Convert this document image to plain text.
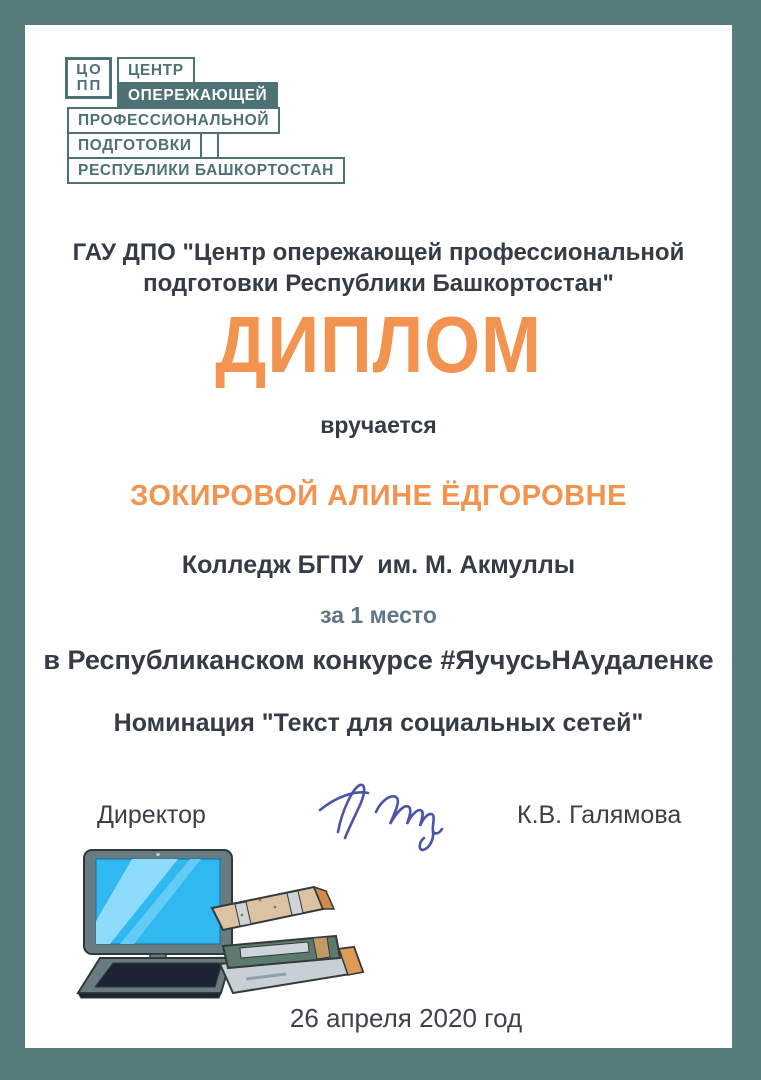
ЦО
ПП
ЦЕНТР
ОПЕРЕЖАЮЩЕЙ
ПРОФЕССИОНАЛЬНОЙ
ПОДГОТОВКИ
РЕСПУБЛИКИ БАШКОРТОСТАН
ГАУ ДПО "Центр опережающей профессиональной
подготовки Республики Башкортостан"
ДИПЛОМ
вручается
ЗОКИРОВОЙ АЛИНЕ ЁДГОРОВНЕ
Колледж БГПУ  им. М. Акмуллы
за 1 место
в Республиканском конкурсе #ЯучусьНАудаленке
Номинация "Текст для социальных сетей"
Директор	К.В. Галямова
26 апреля 2020 год
